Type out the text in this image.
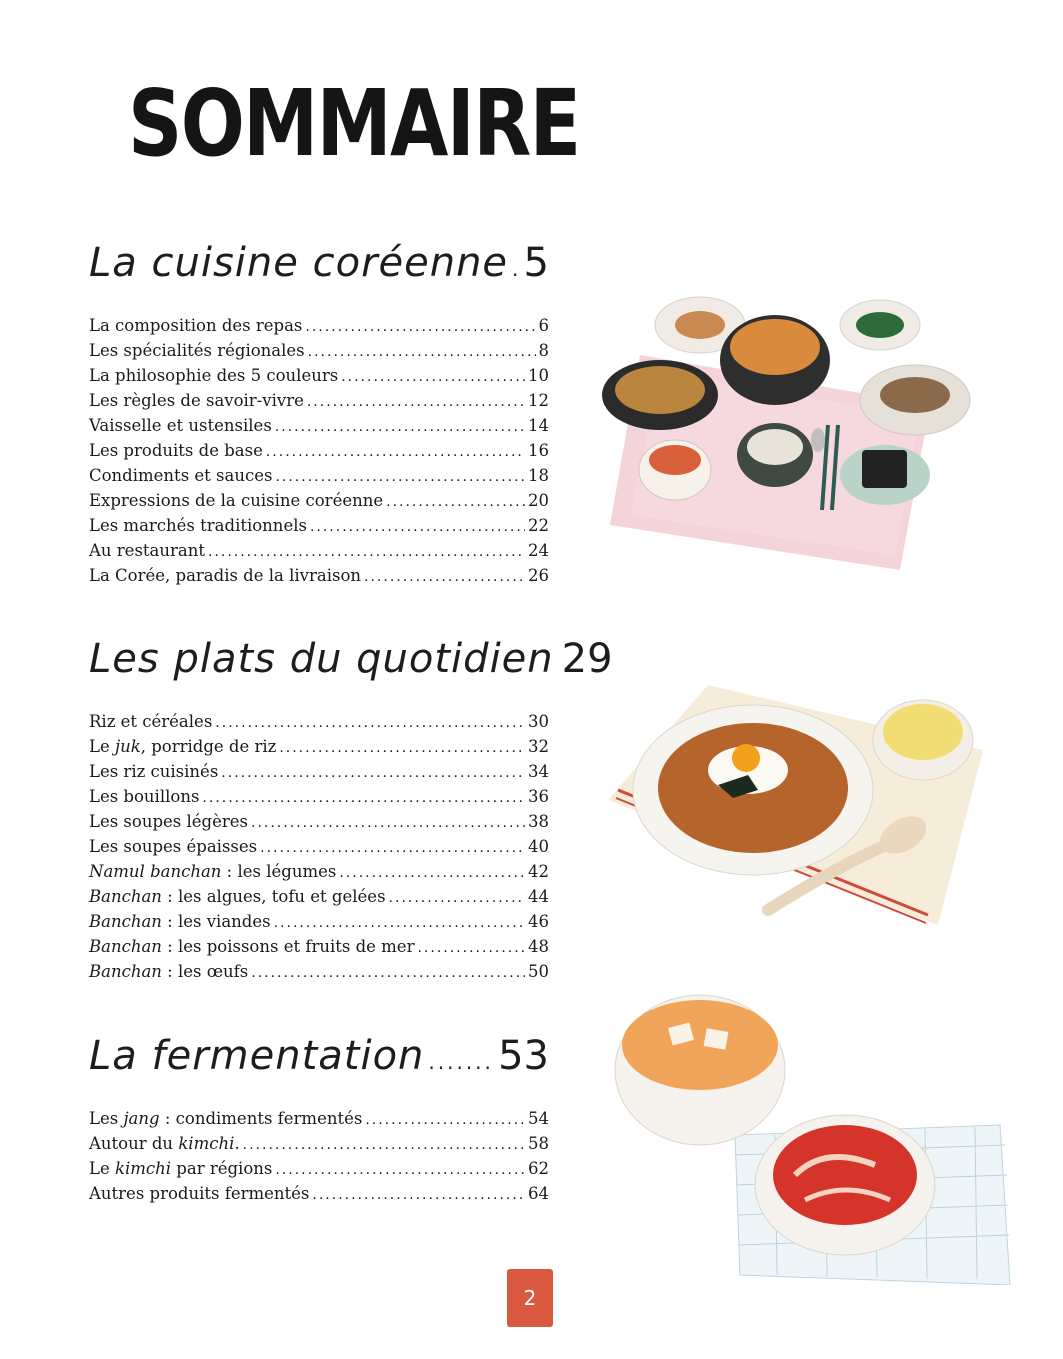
SOMMAIRE
La cuisine coréenne ..... 5
La composition des repas .....	6
Les spécialités régionales .....	8
La philosophie des 5 couleurs .....	10
Les règles de savoir-vivre .....	12
Vaisselle et ustensiles .....	14
Les produits de base .....	16
Condiments et sauces .....	18
Expressions de la cuisine coréenne .....	20
Les marchés traditionnels .....	22
Au restaurant .....	24
La Corée, paradis de la livraison .....	26
Les plats du quotidien 29
Riz et céréales .....	30
Le juk, porridge de riz .....	32
Les riz cuisinés .....	34
Les bouillons .....	36
Les soupes légères .....	38
Les soupes épaisses .....	40
Namul banchan : les légumes .....	42
Banchan : les algues, tofu et gelées .....	44
Banchan : les viandes .....	46
Banchan : les poissons et fruits de mer .....	48
Banchan : les œufs .....	50
La fermentation ..... 53
Les jang : condiments fermentés .....	54
Autour du kimchi. .....	58
Le kimchi par régions .....	62
Autres produits fermentés .....	64
2
